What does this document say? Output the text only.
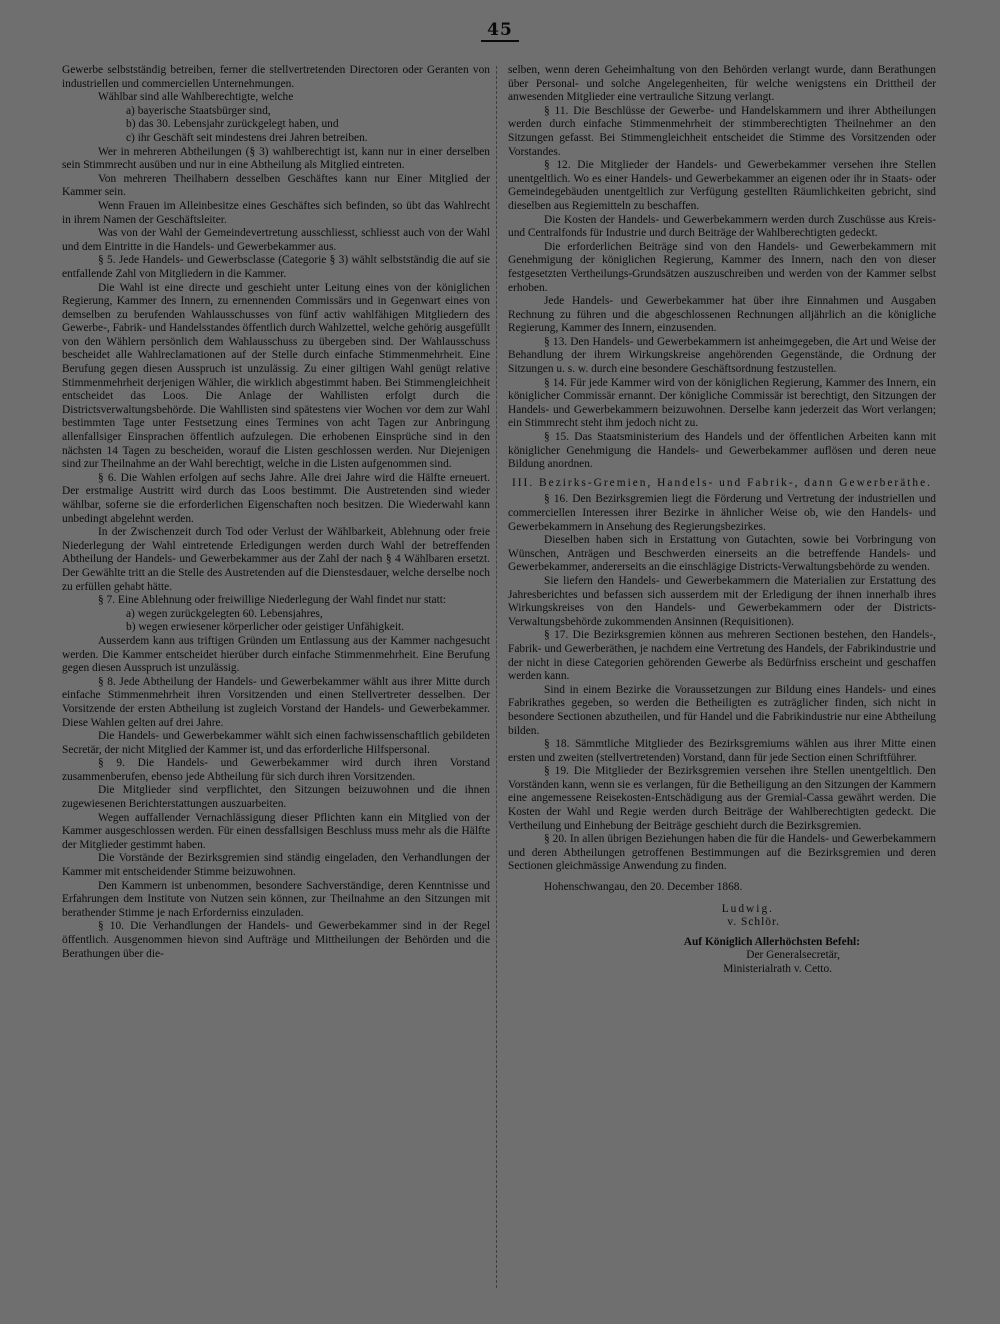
45

Gewerbe selbstständig betreiben, ferner die stellvertretenden Directoren oder Geranten von industriellen und commerciellen Unternehmungen.

Wählbar sind alle Wahlberechtigte, welche

a) bayerische Staatsbürger sind,

b) das 30. Lebensjahr zurückgelegt haben, und

c) ihr Geschäft seit mindestens drei Jahren betreiben.

Wer in mehreren Abtheilungen (§ 3) wahlberechtigt ist, kann nur in einer derselben sein Stimmrecht ausüben und nur in eine Abtheilung als Mitglied eintreten.

Von mehreren Theilhabern desselben Geschäftes kann nur Einer Mitglied der Kammer sein.

Wenn Frauen im Alleinbesitze eines Geschäftes sich befinden, so übt das Wahlrecht in ihrem Namen der Geschäftsleiter.

Was von der Wahl der Gemeindevertretung ausschliesst, schliesst auch von der Wahl und dem Eintritte in die Handels- und Gewerbekammer aus.

§ 5. Jede Handels- und Gewerbsclasse (Categorie § 3) wählt selbstständig die auf sie entfallende Zahl von Mitgliedern in die Kammer.

Die Wahl ist eine directe und geschieht unter Leitung eines von der königlichen Regierung, Kammer des Innern, zu ernennenden Commissärs und in Gegenwart eines von demselben zu berufenden Wahlausschusses von fünf activ wahlfähigen Mitgliedern des Gewerbe-, Fabrik- und Handelsstandes öffentlich durch Wahlzettel, welche gehörig ausgefüllt von den Wählern persönlich dem Wahlausschuss zu übergeben sind. Der Wahlausschuss bescheidet alle Wahlreclamationen auf der Stelle durch einfache Stimmenmehrheit. Eine Berufung gegen diesen Ausspruch ist unzulässig. Zu einer giltigen Wahl genügt relative Stimmenmehrheit derjenigen Wähler, die wirklich abgestimmt haben. Bei Stimmengleichheit entscheidet das Loos. Die Anlage der Wahllisten erfolgt durch die Districtsverwaltungsbehörde. Die Wahllisten sind spätestens vier Wochen vor dem zur Wahl bestimmten Tage unter Festsetzung eines Termines von acht Tagen zur Anbringung allenfallsiger Einsprachen öffentlich aufzulegen. Die erhobenen Einsprüche sind in den nächsten 14 Tagen zu bescheiden, worauf die Listen geschlossen werden. Nur Diejenigen sind zur Theilnahme an der Wahl berechtigt, welche in die Listen aufgenommen sind.

§ 6. Die Wahlen erfolgen auf sechs Jahre. Alle drei Jahre wird die Hälfte erneuert. Der erstmalige Austritt wird durch das Loos bestimmt. Die Austretenden sind wieder wählbar, soferne sie die erforderlichen Eigenschaften noch besitzen. Die Wiederwahl kann unbedingt abgelehnt werden.

In der Zwischenzeit durch Tod oder Verlust der Wählbarkeit, Ablehnung oder freie Niederlegung der Wahl eintretende Erledigungen werden durch Wahl der betreffenden Abtheilung der Handels- und Gewerbekammer aus der Zahl der nach § 4 Wählbaren ersetzt. Der Gewählte tritt an die Stelle des Austretenden auf die Dienstesdauer, welche derselbe noch zu erfüllen gehabt hätte.

§ 7. Eine Ablehnung oder freiwillige Niederlegung der Wahl findet nur statt:

a) wegen zurückgelegten 60. Lebensjahres,

b) wegen erwiesener körperlicher oder geistiger Unfähigkeit.

Ausserdem kann aus triftigen Gründen um Entlassung aus der Kammer nachgesucht werden. Die Kammer entscheidet hierüber durch einfache Stimmenmehrheit. Eine Berufung gegen diesen Ausspruch ist unzulässig.

§ 8. Jede Abtheilung der Handels- und Gewerbekammer wählt aus ihrer Mitte durch einfache Stimmenmehrheit ihren Vorsitzenden und einen Stellvertreter desselben. Der Vorsitzende der ersten Abtheilung ist zugleich Vorstand der Handels- und Gewerbekammer. Diese Wahlen gelten auf drei Jahre.

Die Handels- und Gewerbekammer wählt sich einen fachwissenschaftlich gebildeten Secretär, der nicht Mitglied der Kammer ist, und das erforderliche Hilfspersonal.

§ 9. Die Handels- und Gewerbekammer wird durch ihren Vorstand zusammenberufen, ebenso jede Abtheilung für sich durch ihren Vorsitzenden.

Die Mitglieder sind verpflichtet, den Sitzungen beizuwohnen und die ihnen zugewiesenen Berichterstattungen auszuarbeiten.

Wegen auffallender Vernachlässigung dieser Pflichten kann ein Mitglied von der Kammer ausgeschlossen werden. Für einen dessfallsigen Beschluss muss mehr als die Hälfte der Mitglieder gestimmt haben.

Die Vorstände der Bezirksgremien sind ständig eingeladen, den Verhandlungen der Kammer mit entscheidender Stimme beizuwohnen.

Den Kammern ist unbenommen, besondere Sachverständige, deren Kenntnisse und Erfahrungen dem Institute von Nutzen sein können, zur Theilnahme an den Sitzungen mit berathender Stimme je nach Erforderniss einzuladen.

§ 10. Die Verhandlungen der Handels- und Gewerbekammer sind in der Regel öffentlich. Ausgenommen hievon sind Aufträge und Mittheilungen der Behörden und die Berathungen über die-

selben, wenn deren Geheimhaltung von den Behörden verlangt wurde, dann Berathungen über Personal- und solche Angelegenheiten, für welche wenigstens ein Drittheil der anwesenden Mitglieder eine vertrauliche Sitzung verlangt.

§ 11. Die Beschlüsse der Gewerbe- und Handelskammern und ihrer Abtheilungen werden durch einfache Stimmenmehrheit der stimmberechtigten Theilnehmer an den Sitzungen gefasst. Bei Stimmengleichheit entscheidet die Stimme des Vorsitzenden oder Vorstandes.

§ 12. Die Mitglieder der Handels- und Gewerbekammer versehen ihre Stellen unentgeltlich. Wo es einer Handels- und Gewerbekammer an eigenen oder ihr in Staats- oder Gemeindegebäuden unentgeltlich zur Verfügung gestellten Räumlichkeiten gebricht, sind dieselben aus Regiemitteln zu beschaffen.

Die Kosten der Handels- und Gewerbekammern werden durch Zuschüsse aus Kreis- und Centralfonds für Industrie und durch Beiträge der Wahlberechtigten gedeckt.

Die erforderlichen Beiträge sind von den Handels- und Gewerbekammern mit Genehmigung der königlichen Regierung, Kammer des Innern, nach den von dieser festgesetzten Vertheilungs-Grundsätzen auszuschreiben und werden von der Kammer selbst erhoben.

Jede Handels- und Gewerbekammer hat über ihre Einnahmen und Ausgaben Rechnung zu führen und die abgeschlossenen Rechnungen alljährlich an die königliche Regierung, Kammer des Innern, einzusenden.

§ 13. Den Handels- und Gewerbekammern ist anheimgegeben, die Art und Weise der Behandlung der ihrem Wirkungskreise angehörenden Gegenstände, die Ordnung der Sitzungen u. s. w. durch eine besondere Geschäftsordnung festzustellen.

§ 14. Für jede Kammer wird von der königlichen Regierung, Kammer des Innern, ein königlicher Commissär ernannt. Der königliche Commissär ist berechtigt, den Sitzungen der Handels- und Gewerbekammern beizuwohnen. Derselbe kann jederzeit das Wort verlangen; ein Stimmrecht steht ihm jedoch nicht zu.

§ 15. Das Staatsministerium des Handels und der öffentlichen Arbeiten kann mit königlicher Genehmigung die Handels- und Gewerbekammer auflösen und deren neue Bildung anordnen.

III. Bezirks-Gremien, Handels- und Fabrik-, dann Gewerberäthe.

§ 16. Den Bezirksgremien liegt die Förderung und Vertretung der industriellen und commerciellen Interessen ihrer Bezirke in ähnlicher Weise ob, wie den Handels- und Gewerbekammern in Ansehung des Regierungsbezirkes.

Dieselben haben sich in Erstattung von Gutachten, sowie bei Vorbringung von Wünschen, Anträgen und Beschwerden einerseits an die betreffende Handels- und Gewerbekammer, andererseits an die einschlägige Districts-Verwaltungsbehörde zu wenden.

Sie liefern den Handels- und Gewerbekammern die Materialien zur Erstattung des Jahresberichtes und befassen sich ausserdem mit der Erledigung der ihnen innerhalb ihres Wirkungskreises von den Handels- und Gewerbekammern oder der Districts-Verwaltungsbehörde zukommenden Ansinnen (Requisitionen).

§ 17. Die Bezirksgremien können aus mehreren Sectionen bestehen, den Handels-, Fabrik- und Gewerberäthen, je nachdem eine Vertretung des Handels, der Fabrikindustrie und der nicht in diese Categorien gehörenden Gewerbe als Bedürfniss erscheint und geschaffen werden kann.

Sind in einem Bezirke die Voraussetzungen zur Bildung eines Handels- und eines Fabrikrathes gegeben, so werden die Betheiligten es zuträglicher finden, sich nicht in besondere Sectionen abzutheilen, und für Handel und die Fabrikindustrie nur eine Abtheilung bilden.

§ 18. Sämmtliche Mitglieder des Bezirksgremiums wählen aus ihrer Mitte einen ersten und zweiten (stellvertretenden) Vorstand, dann für jede Section einen Schriftführer.

§ 19. Die Mitglieder der Bezirksgremien versehen ihre Stellen unentgeltlich. Den Vorständen kann, wenn sie es verlangen, für die Betheiligung an den Sitzungen der Kammern eine angemessene Reisekosten-Entschädigung aus der Gremial-Cassa gewährt werden. Die Kosten der Wahl und Regie werden durch Beiträge der Wahlberechtigten gedeckt. Die Vertheilung und Einhebung der Beiträge geschieht durch die Bezirksgremien.

§ 20. In allen übrigen Beziehungen haben die für die Handels- und Gewerbekammern und deren Abtheilungen getroffenen Bestimmungen auf die Bezirksgremien und deren Sectionen gleichmässige Anwendung zu finden.

Hohenschwangau, den 20. December 1868.

Ludwig.

v. Schlör.

Auf Königlich Allerhöchsten Befehl:

Der Generalsecretär,

Ministerialrath v. Cetto.
